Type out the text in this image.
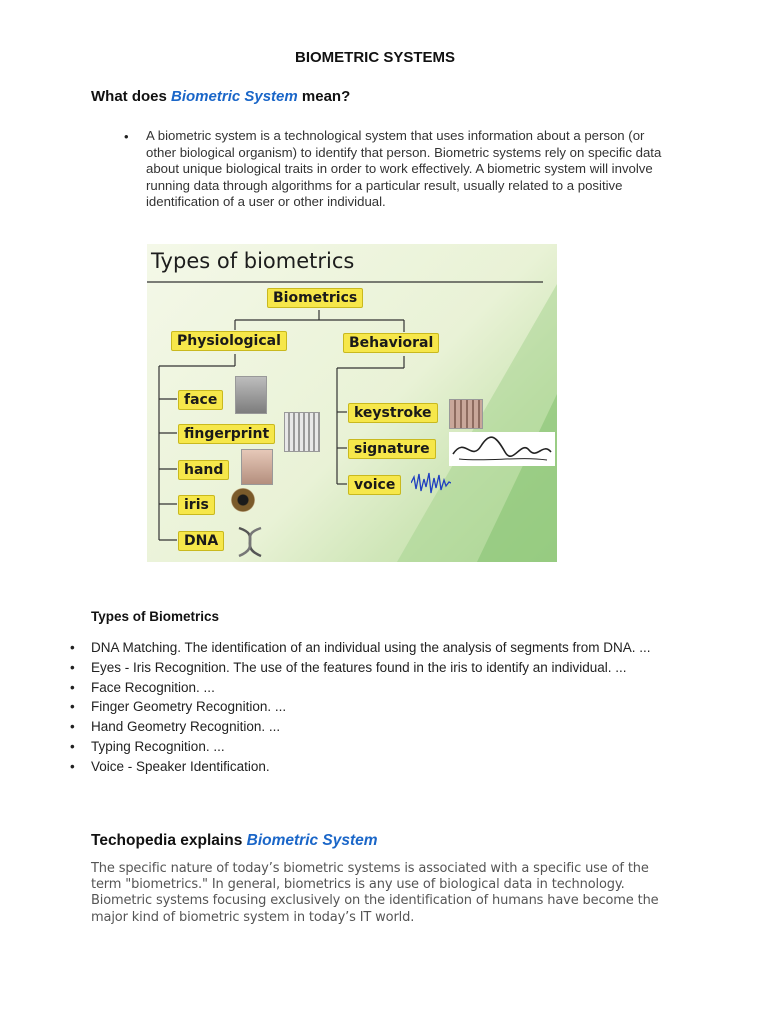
BIOMETRIC SYSTEMS
What does Biometric System mean?
• A biometric system is a technological system that uses information about a person (or other biological organism) to identify that person. Biometric systems rely on specific data about unique biological traits in order to work effectively. A biometric system will involve running data through algorithms for a particular result, usually related to a positive identification of a user or other individual.
Types of biometrics
Biometrics
Physiological	Behavioral
face
fingerprint
hand
iris
DNA
keystroke
signature
voice
Types of Biometrics
• DNA Matching. The identification of an individual using the analysis of segments from DNA. ...
• Eyes - Iris Recognition. The use of the features found in the iris to identify an individual. ...
• Face Recognition. ...
• Finger Geometry Recognition. ...
• Hand Geometry Recognition. ...
• Typing Recognition. ...
• Voice - Speaker Identification.
Techopedia explains Biometric System
The specific nature of today’s biometric systems is associated with a specific use of the term "biometrics." In general, biometrics is any use of biological data in technology. Biometric systems focusing exclusively on the identification of humans have become the major kind of biometric system in today’s IT world.
